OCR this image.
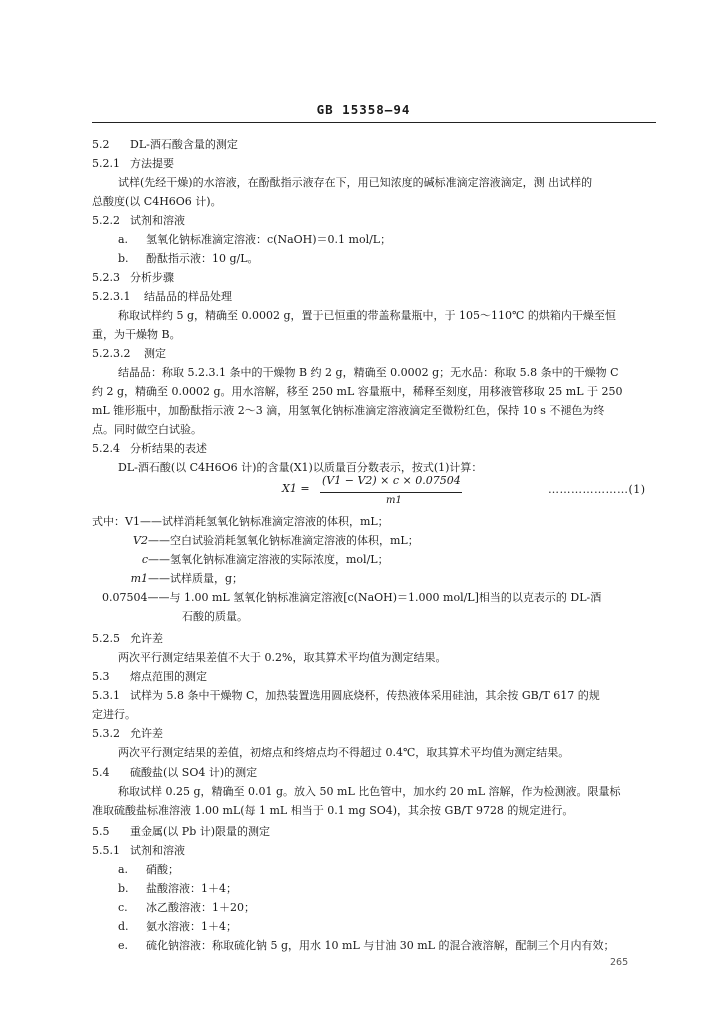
GB 15358—94
5.2 DL-酒石酸含量的测定
5.2.1 方法提要
试样(先经干燥)的水溶液，在酚酞指示液存在下，用已知浓度的碱标准滴定溶液滴定，测 出试样的
总酸度(以 C4H6O6 计)。
5.2.2 试剂和溶液
a. 氢氧化钠标准滴定溶液：c(NaOH)＝0.1 mol/L；
b. 酚酞指示液：10 g/L。
5.2.3 分析步骤
5.2.3.1 结晶品的样品处理
称取试样约 5 g，精确至 0.0002 g，置于已恒重的带盖称量瓶中，于 105～110℃ 的烘箱内干燥至恒
重，为干燥物 B。
5.2.3.2 测定
结晶品：称取 5.2.3.1 条中的干燥物 B 约 2 g，精确至 0.0002 g；无水品：称取 5.8 条中的干燥物 C
约 2 g，精确至 0.0002 g。用水溶解，移至 250 mL 容量瓶中，稀释至刻度，用移液管移取 25 mL 于 250
mL 锥形瓶中，加酚酞指示液 2～3 滴，用氢氧化钠标准滴定溶液滴定至微粉红色，保持 10 s 不褪色为终
点。同时做空白试验。
5.2.4 分析结果的表述
DL-酒石酸(以 C4H6O6 计)的含量(X1)以质量百分数表示，按式(1)计算：
X1 =
(V1 − V2) × c × 0.07504
m1
…………………(1)
式中：V1——试样消耗氢氧化钠标准滴定溶液的体积，mL；
V2——空白试验消耗氢氧化钠标准滴定溶液的体积，mL；
c——氢氧化钠标准滴定溶液的实际浓度，mol/L；
m1——试样质量，g；
0.07504——与 1.00 mL 氢氧化钠标准滴定溶液[c(NaOH)＝1.000 mol/L]相当的以克表示的 DL-酒
石酸的质量。
5.2.5 允许差
两次平行测定结果差值不大于 0.2%，取其算术平均值为测定结果。
5.3 熔点范围的测定
5.3.1 试样为 5.8 条中干燥物 C，加热装置选用圆底烧杯，传热液体采用硅油，其余按 GB/T 617 的规
定进行。
5.3.2 允许差
两次平行测定结果的差值，初熔点和终熔点均不得超过 0.4℃，取其算术平均值为测定结果。
5.4 硫酸盐(以 SO4 计)的测定
称取试样 0.25 g，精确至 0.01 g。放入 50 mL 比色管中，加水约 20 mL 溶解，作为检测液。限量标
准取硫酸盐标准溶液 1.00 mL(每 1 mL 相当于 0.1 mg SO4)，其余按 GB/T 9728 的规定进行。
5.5 重金属(以 Pb 计)限量的测定
5.5.1 试剂和溶液
a. 硝酸；
b. 盐酸溶液：1＋4；
c. 冰乙酸溶液：1＋20；
d. 氨水溶液：1＋4；
e. 硫化钠溶液：称取硫化钠 5 g，用水 10 mL 与甘油 30 mL 的混合液溶解，配制三个月内有效；
265
